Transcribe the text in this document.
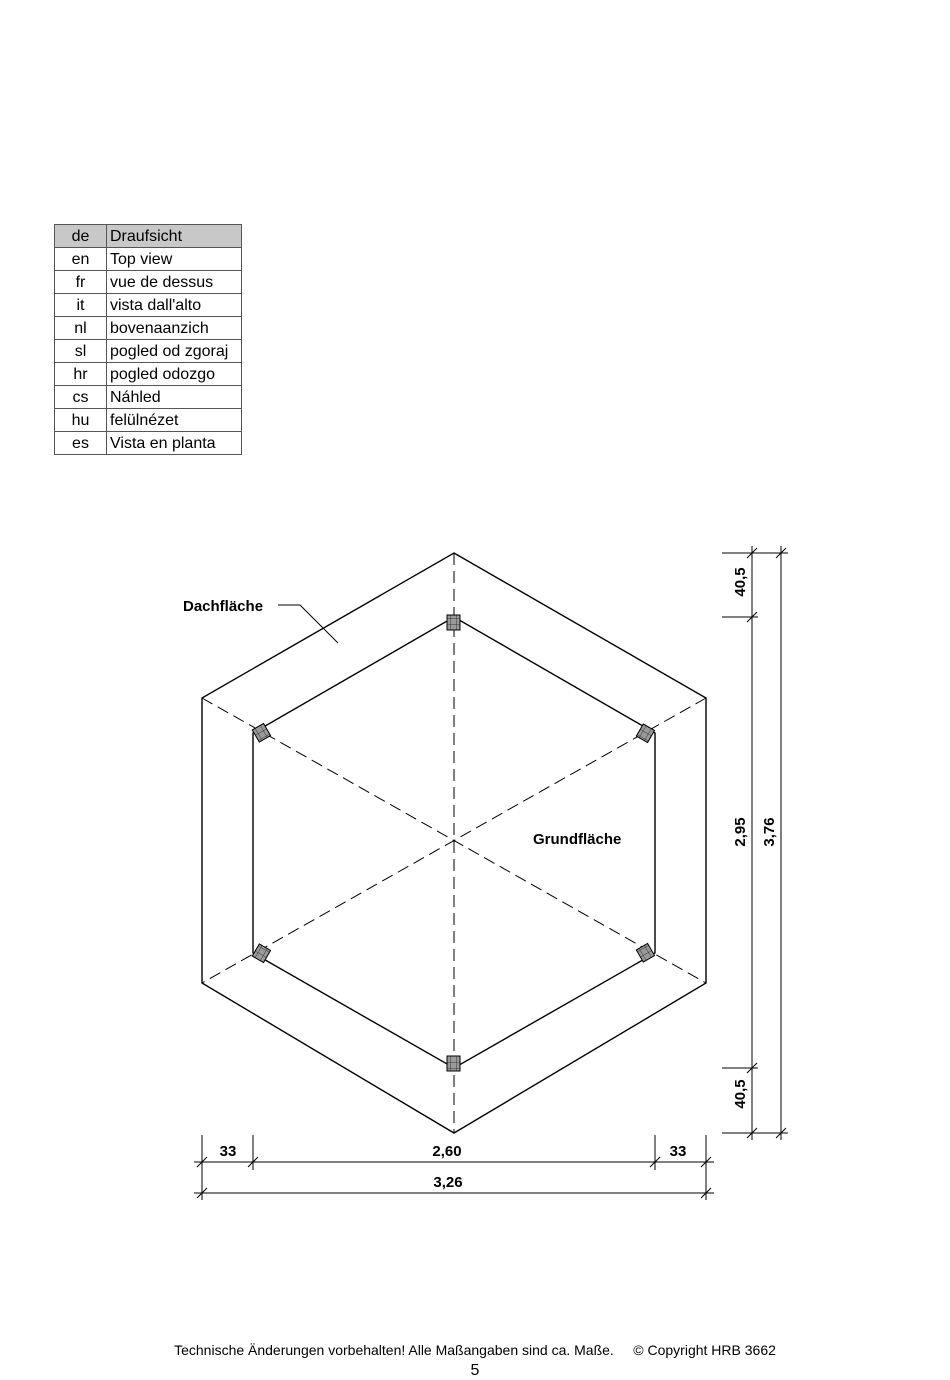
de	Draufsicht
en	Top view
fr	vue de dessus
it	vista dall'alto
nl	bovenaanzich
sl	pogled od zgoraj
hr	pogled odozgo
cs	Náhled
hu	felülnézet
es	Vista en planta
Dachfläche
Grundfläche
33	2,60	33
3,26
40,5
2,95
40,5
3,76
Technische Änderungen vorbehalten! Alle Maßangaben sind ca. Maße. © Copyright HRB 3662
5
